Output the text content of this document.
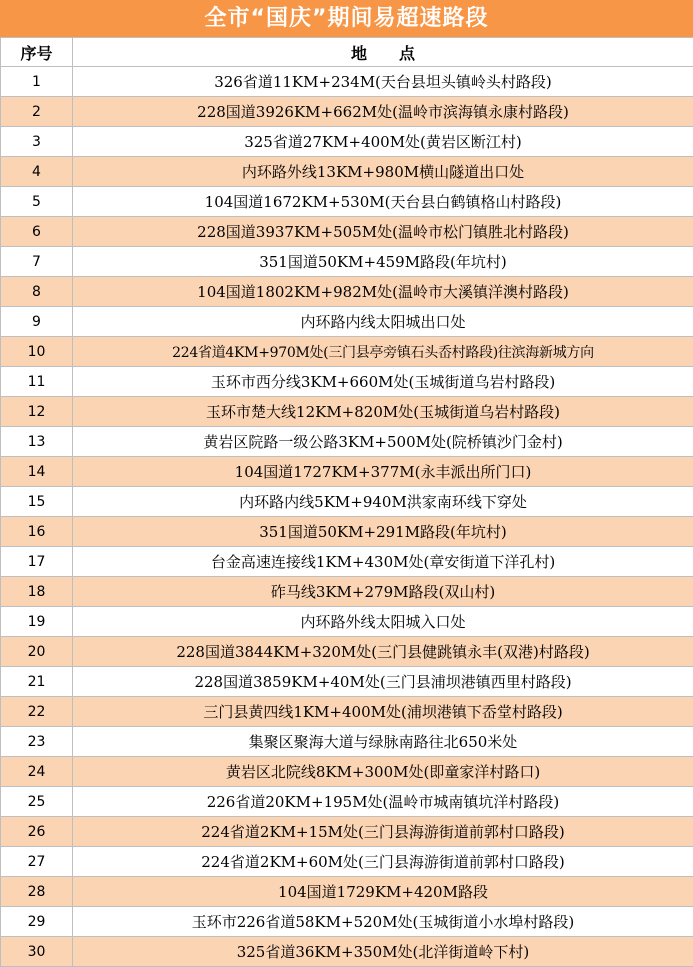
全市“国庆”期间易超速路段
序号	地　　点
1	326省道11KM+234M(天台县坦头镇岭头村路段)
2	228国道3926KM+662M处(温岭市滨海镇永康村路段)
3	325省道27KM+400M处(黄岩区断江村)
4	内环路外线13KM+980M横山隧道出口处
5	104国道1672KM+530M(天台县白鹤镇格山村路段)
6	228国道3937KM+505M处(温岭市松门镇胜北村路段)
7	351国道50KM+459M路段(年坑村)
8	104国道1802KM+982M处(温岭市大溪镇洋澳村路段)
9	内环路内线太阳城出口处
10	224省道4KM+970M处(三门县亭旁镇石头岙村路段)往滨海新城方向
11	玉环市西分线3KM+660M处(玉城街道乌岩村路段)
12	玉环市楚大线12KM+820M处(玉城街道乌岩村路段)
13	黄岩区院路一级公路3KM+500M处(院桥镇沙门金村)
14	104国道1727KM+377M(永丰派出所门口)
15	内环路内线5KM+940M洪家南环线下穿处
16	351国道50KM+291M路段(年坑村)
17	台金高速连接线1KM+430M处(章安街道下洋孔村)
18	砟马线3KM+279M路段(双山村)
19	内环路外线太阳城入口处
20	228国道3844KM+320M处(三门县健跳镇永丰(双港)村路段)
21	228国道3859KM+40M处(三门县浦坝港镇西里村路段)
22	三门县黄四线1KM+400M处(浦坝港镇下岙堂村路段)
23	集聚区聚海大道与绿脉南路往北650米处
24	黄岩区北院线8KM+300M处(即童家洋村路口)
25	226省道20KM+195M处(温岭市城南镇坑洋村路段)
26	224省道2KM+15M处(三门县海游街道前郭村口路段)
27	224省道2KM+60M处(三门县海游街道前郭村口路段)
28	104国道1729KM+420M路段
29	玉环市226省道58KM+520M处(玉城街道小水埠村路段)
30	325省道36KM+350M处(北洋街道岭下村)
